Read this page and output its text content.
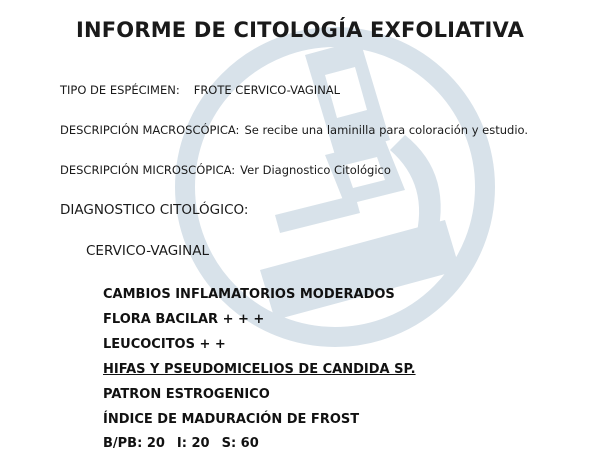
INFORME DE CITOLOGÍA EXFOLIATIVA
TIPO DE ESPÉCIMEN: FROTE CERVICO-VAGINAL
DESCRIPCIÓN MACROSCÓPICA: Se recibe una laminilla para coloración y estudio.
DESCRIPCIÓN MICROSCÓPICA: Ver Diagnostico Citológico
DIAGNOSTICO CITOLÓGICO:
CERVICO-VAGINAL
CAMBIOS INFLAMATORIOS MODERADOS
FLORA BACILAR + + +
LEUCOCITOS + +
HIFAS Y PSEUDOMICELIOS DE CANDIDA SP.
PATRON ESTROGENICO
ÍNDICE DE MADURACIÓN DE FROST
B/PB: 20 I: 20 S: 60
